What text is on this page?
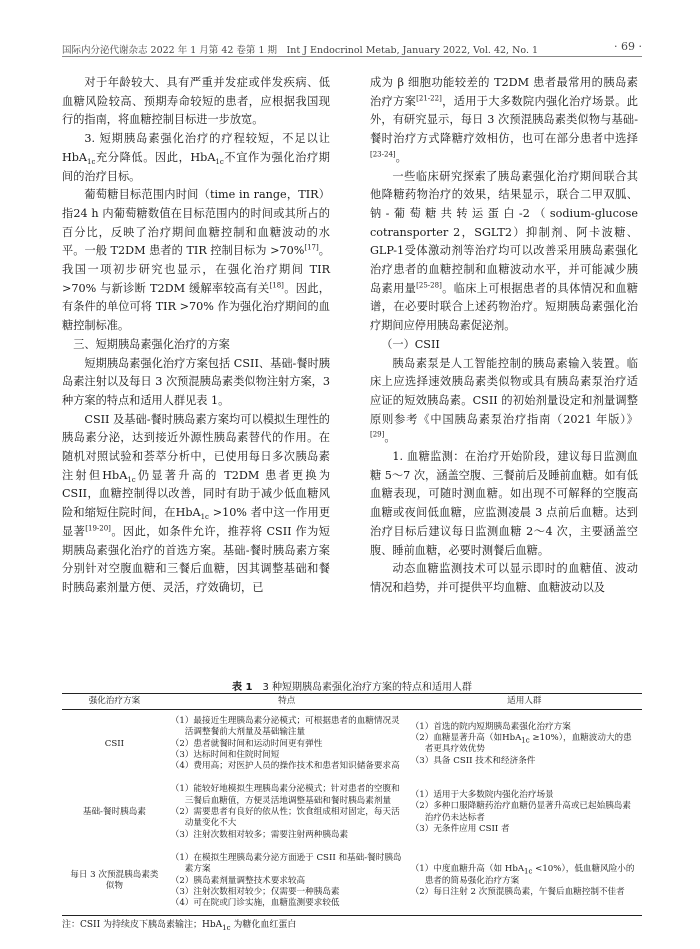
国际内分泌代谢杂志 2022 年 1 月第 42 卷第 1 期　Int J Endocrinol Metab, January 2022, Vol. 42, No. 1	· 69 ·

对于年龄较大、具有严重并发症或伴发疾病、低血糖风险较高、预期寿命较短的患者，应根据我国现行的指南，将血糖控制目标进一步放宽。

3. 短期胰岛素强化治疗的疗程较短，不足以让HbA$_{1c}$充分降低。因此，HbA$_{1c}$不宜作为强化治疗期间的治疗目标。

葡萄糖目标范围内时间（time in range，TIR）指24 h 内葡萄糖数值在目标范围内的时间或其所占的百分比，反映了治疗期间血糖控制和血糖波动的水平。一般 T2DM 患者的 TIR 控制目标为 >70%[17]。我国一项初步研究也显示，在强化治疗期间 TIR >70% 与新诊断 T2DM 缓解率较高有关[18]。因此，有条件的单位可将 TIR >70% 作为强化治疗期间的血糖控制标准。

三、短期胰岛素强化治疗的方案

短期胰岛素强化治疗方案包括 CSII、基础-餐时胰岛素注射以及每日 3 次预混胰岛素类似物注射方案，3 种方案的特点和适用人群见表 1。

CSII 及基础-餐时胰岛素方案均可以模拟生理性的胰岛素分泌，达到接近外源性胰岛素替代的作用。在随机对照试验和荟萃分析中，已使用每日多次胰岛素注射但HbA$_{1c}$仍显著升高的 T2DM 患者更换为 CSII，血糖控制得以改善，同时有助于减少低血糖风险和缩短住院时间，在HbA$_{1c}$ >10% 者中这一作用更显著[19-20]。因此，如条件允许，推荐将 CSII 作为短期胰岛素强化治疗的首选方案。基础-餐时胰岛素方案分别针对空腹血糖和三餐后血糖，因其调整基础和餐时胰岛素剂量方便、灵活，疗效确切，已

成为 β 细胞功能较差的 T2DM 患者最常用的胰岛素治疗方案[21-22]，适用于大多数院内强化治疗场景。此外，有研究显示，每日 3 次预混胰岛素类似物与基础-餐时治疗方式降糖疗效相仿，也可在部分患者中选择[23-24]。

一些临床研究探索了胰岛素强化治疗期间联合其他降糖药物治疗的效果，结果显示，联合二甲双胍、钠-葡萄糖共转运蛋白-2（sodium-glucose cotransporter 2，SGLT2）抑制剂、阿卡波糖、GLP-1受体激动剂等治疗均可以改善采用胰岛素强化治疗患者的血糖控制和血糖波动水平，并可能减少胰岛素用量[25-28]。临床上可根据患者的具体情况和血糖谱，在必要时联合上述药物治疗。短期胰岛素强化治疗期间应停用胰岛素促泌剂。

（一）CSII

胰岛素泵是人工智能控制的胰岛素输入装置。临床上应选择速效胰岛素类似物或具有胰岛素泵治疗适应证的短效胰岛素。CSII 的初始剂量设定和剂量调整原则参考《中国胰岛素泵治疗指南（2021 年版）》[29]。

1. 血糖监测：在治疗开始阶段，建议每日监测血糖 5～7 次，涵盖空腹、三餐前后及睡前血糖。如有低血糖表现，可随时测血糖。如出现不可解释的空腹高血糖或夜间低血糖，应监测凌晨 3 点前后血糖。达到治疗目标后建议每日监测血糖 2～4 次，主要涵盖空腹、睡前血糖，必要时测餐后血糖。

动态血糖监测技术可以显示即时的血糖值、波动情况和趋势，并可提供平均血糖、血糖波动以及

表 1 3 种短期胰岛素强化治疗方案的特点和适用人群
强化治疗方案	特点	适用人群
CSII	（1）最接近生理胰岛素分泌模式；可根据患者的血糖情况灵活调整餐前大剂量及基础输注量
（2）患者就餐时间和运动时间更有弹性
（3）达标时间和住院时间短
（4）费用高；对医护人员的操作技术和患者知识储备要求高	（1）首选的院内短期胰岛素强化治疗方案
（2）血糖显著升高（如HbA$_{1c}$ ≥10%），血糖波动大的患者更具疗效优势
（3）具备 CSII 技术和经济条件

基础-餐时胰岛素	（1）能较好地模拟生理胰岛素分泌模式；针对患者的空腹和三餐后血糖值，方便灵活地调整基础和餐时胰岛素剂量
（2）需要患者有良好的依从性；饮食组成相对固定，每天活动量变化不大
（3）注射次数相对较多；需要注射两种胰岛素	（1）适用于大多数院内强化治疗场景
（2）多种口服降糖药治疗血糖仍显著升高或已起始胰岛素治疗仍未达标者
（3）无条件应用 CSII 者

每日 3 次预混胰岛素类似物	（1）在模拟生理胰岛素分泌方面逊于 CSII 和基础-餐时胰岛素方案
（2）胰岛素剂量调整技术要求较高
（3）注射次数相对较少；仅需要一种胰岛素
（4）可在院或门诊实施，血糖监测要求较低	（1）中度血糖升高（如 HbA$_{1c}$ <10%），低血糖风险小的患者的简易强化治疗方案
（2）每日注射 2 次预混胰岛素，午餐后血糖控制不佳者
注：CSII 为持续皮下胰岛素输注；HbA$_{1c}$ 为糖化血红蛋白
